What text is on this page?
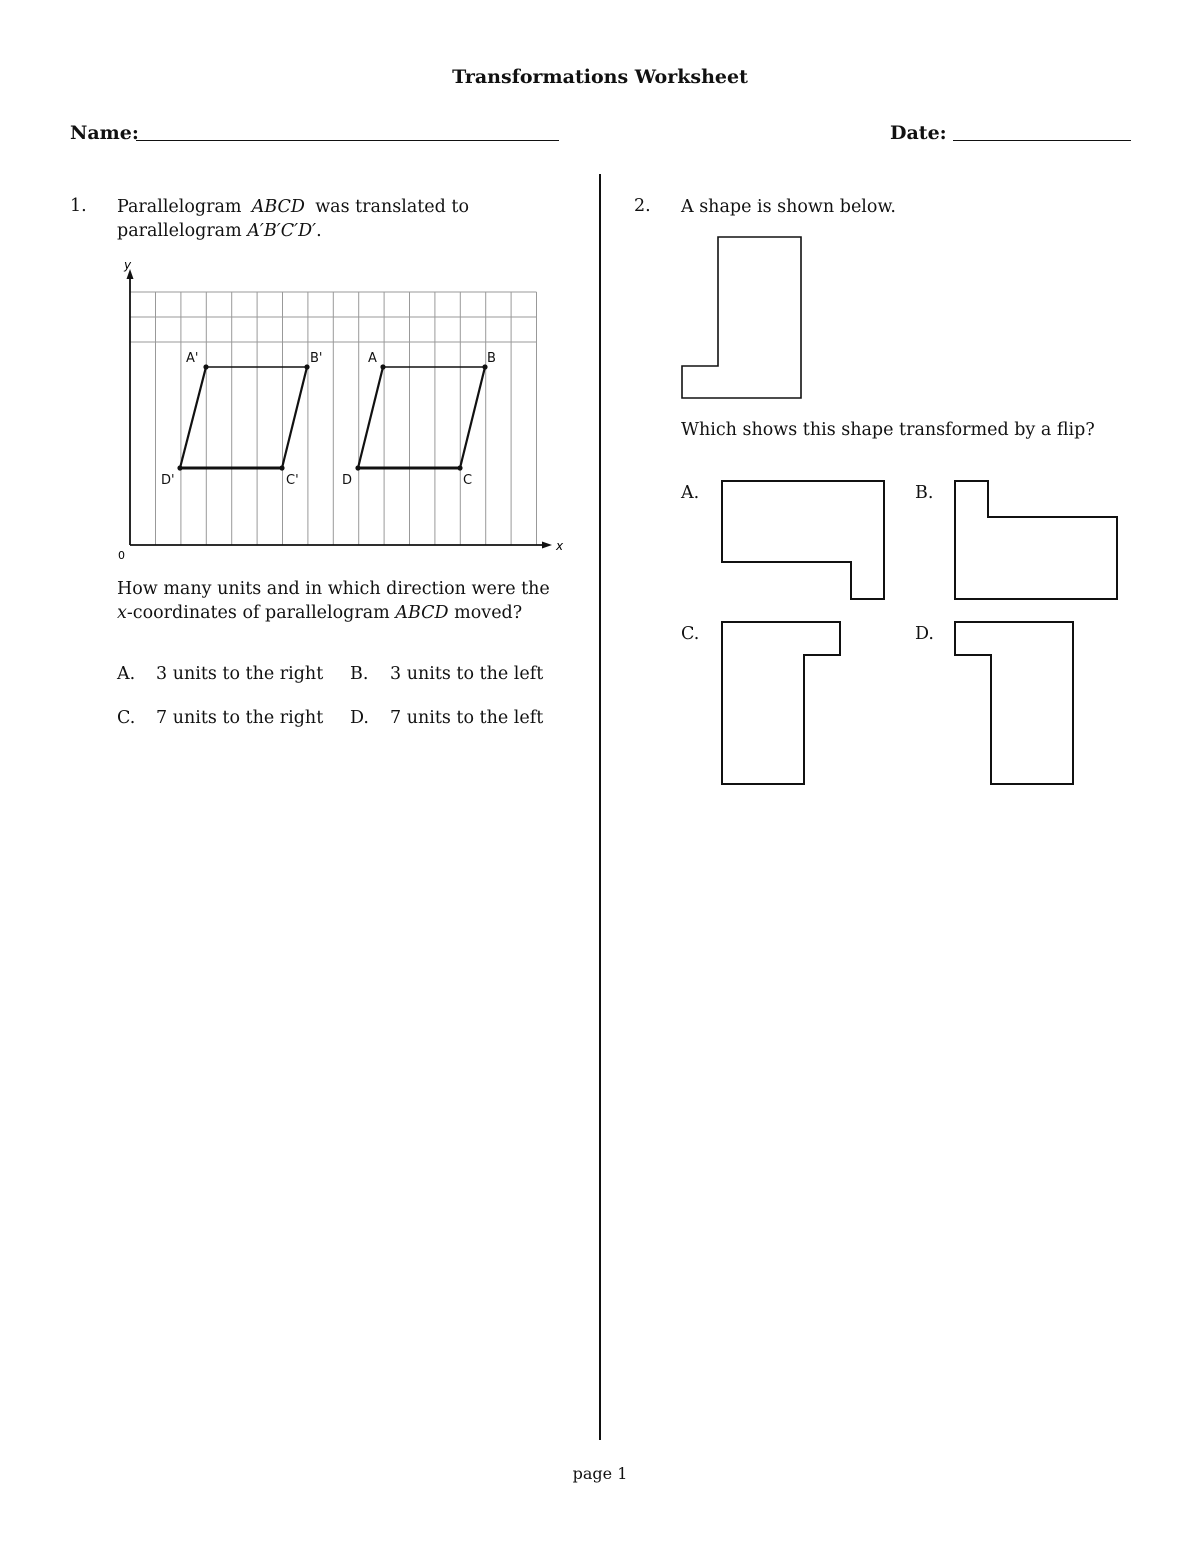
Transformations Worksheet
Name:	Date:
1. Parallelogram ABCD was translated to
parallelogram A′B′C′D′.
y
x
0
A'	B'
C'
D'
A	B
C
D
How many units and in which direction were the
x-coordinates of parallelogram ABCD moved?
A. 3 units to the right B. 3 units to the left
C. 7 units to the right D. 7 units to the left
2. A shape is shown below.
Which shows this shape transformed by a flip?
A.	B.
C.	D.
page 1
